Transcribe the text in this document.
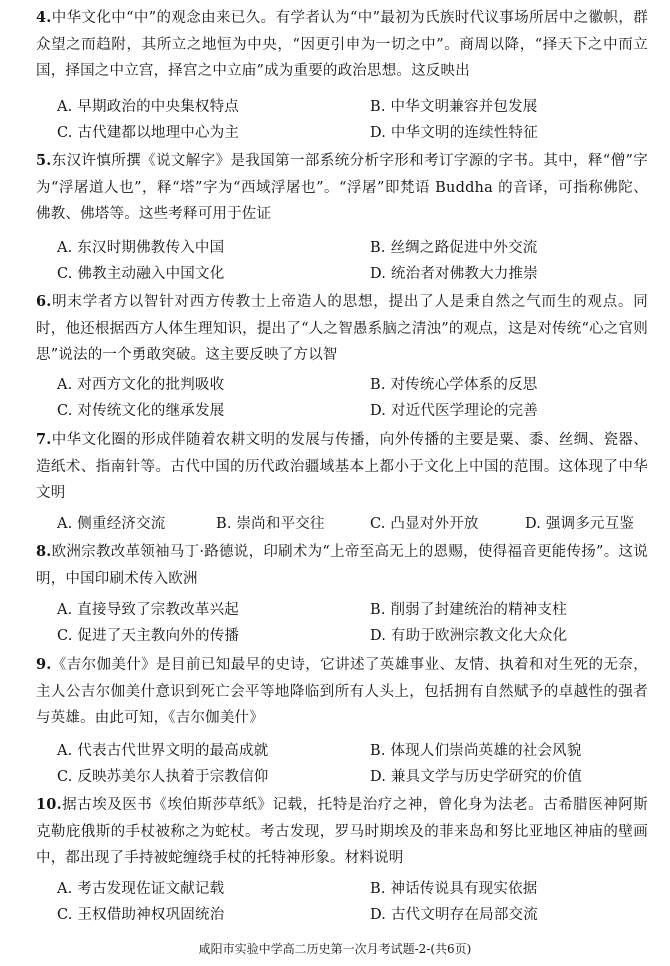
4.中华文化中“中”的观念由来已久。有学者认为“中”最初为氏族时代议事场所居中之徽帜，群众望之而趋附，其所立之地恒为中央，“因更引申为一切之中”。商周以降，“择天下之中而立国，择国之中立宫，择宫之中立庙”成为重要的政治思想。这反映出

A. 早期政治的中央集权特点	B. 中华文明兼容并包发展
C. 古代建都以地理中心为主	D. 中华文明的连续性特征

5.东汉许慎所撰《说文解字》是我国第一部系统分析字形和考订字源的字书。其中，释“僧”字为“浮屠道人也”，释“塔”字为“西域浮屠也”。“浮屠”即梵语 Buddha 的音译，可指称佛陀、佛教、佛塔等。这些考释可用于佐证

A. 东汉时期佛教传入中国	B. 丝绸之路促进中外交流
C. 佛教主动融入中国文化	D. 统治者对佛教大力推崇

6.明末学者方以智针对西方传教士上帝造人的思想，提出了人是秉自然之气而生的观点。同时，他还根据西方人体生理知识，提出了“人之智愚系脑之清浊”的观点，这是对传统“心之官则思”说法的一个勇敢突破。这主要反映了方以智

A. 对西方文化的批判吸收	B. 对传统心学体系的反思
C. 对传统文化的继承发展	D. 对近代医学理论的完善

7.中华文化圈的形成伴随着农耕文明的发展与传播，向外传播的主要是粟、黍、丝绸、瓷器、造纸术、指南针等。古代中国的历代政治疆域基本上都小于文化上中国的范围。这体现了中华文明

A. 侧重经济交流	B. 崇尚和平交往	C. 凸显对外开放	D. 强调多元互鉴

8.欧洲宗教改革领袖马丁·路德说，印刷术为“上帝至高无上的恩赐，使得福音更能传扬”。这说明，中国印刷术传入欧洲

A. 直接导致了宗教改革兴起	B. 削弱了封建统治的精神支柱
C. 促进了天主教向外的传播	D. 有助于欧洲宗教文化大众化

9.《吉尔伽美什》是目前已知最早的史诗，它讲述了英雄事业、友情、执着和对生死的无奈，主人公吉尔伽美什意识到死亡会平等地降临到所有人头上，包括拥有自然赋予的卓越性的强者与英雄。由此可知，《吉尔伽美什》

A. 代表古代世界文明的最高成就	B. 体现人们崇尚英雄的社会风貌
C. 反映苏美尔人执着于宗教信仰	D. 兼具文学与历史学研究的价值

10.据古埃及医书《埃伯斯莎草纸》记载，托特是治疗之神，曾化身为法老。古希腊医神阿斯克勒庇俄斯的手杖被称之为蛇杖。考古发现，罗马时期埃及的菲来岛和努比亚地区神庙的壁画中，都出现了手持被蛇缠绕手杖的托特神形象。材料说明

A. 考古发现佐证文献记载	B. 神话传说具有现实依据
C. 王权借助神权巩固统治	D. 古代文明存在局部交流
咸阳市实验中学高二历史第一次月考试题-2-(共6页)
